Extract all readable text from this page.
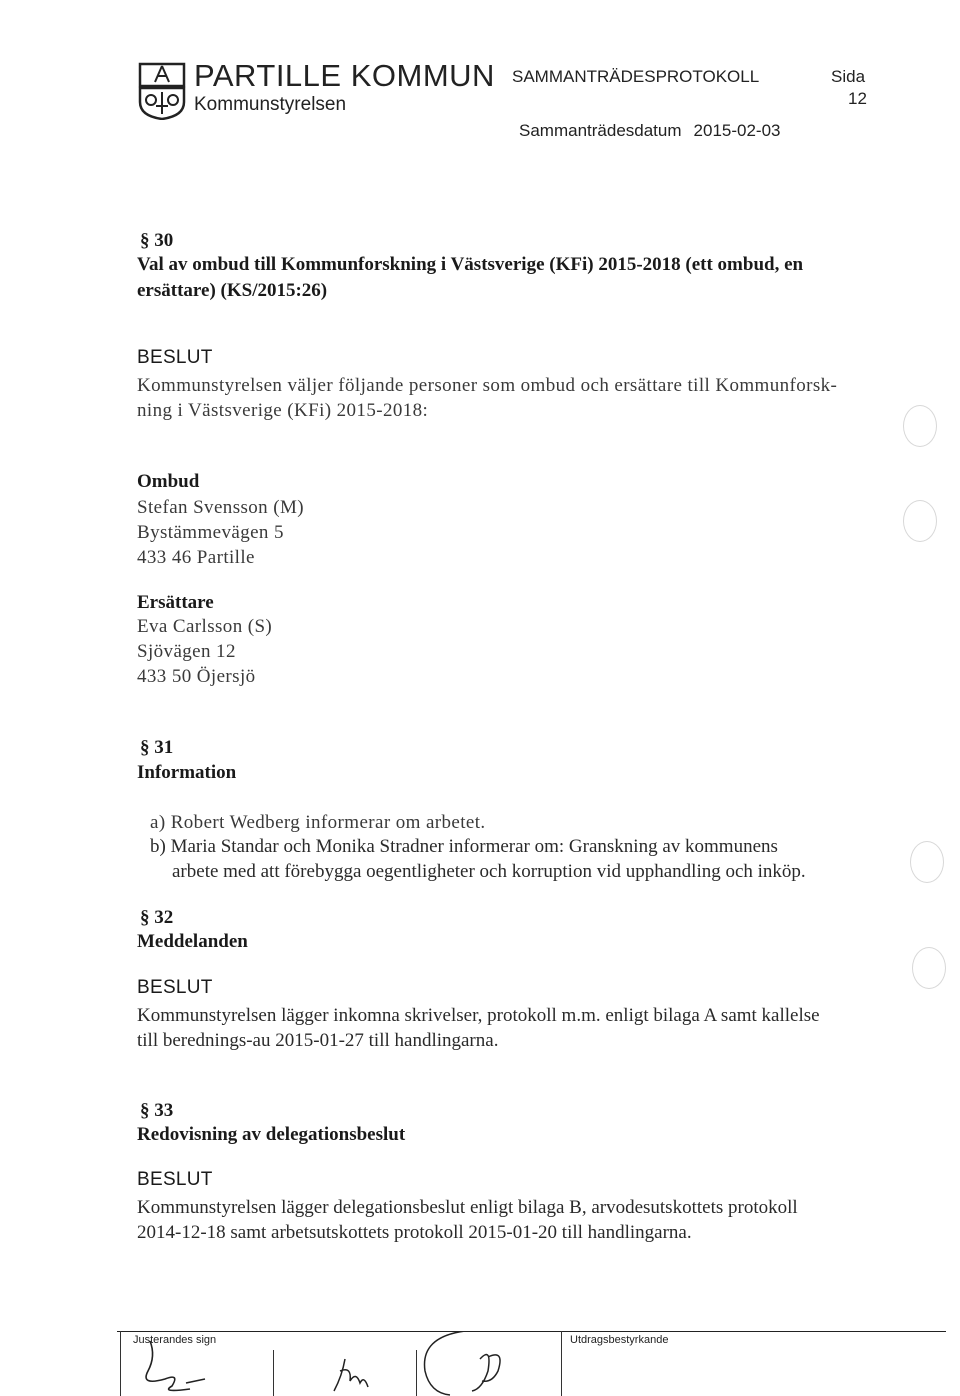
PARTILLE KOMMUN
Kommunstyrelsen
SAMMANTRÄDESPROTOKOLL	Sida
12
Sammanträdesdatum 2015-02-03
§ 30
Val av ombud till Kommunforskning i Västsverige (KFi) 2015-2018 (ett ombud, en
ersättare) (KS/2015:26)
BESLUT
Kommunstyrelsen väljer följande personer som ombud och ersättare till Kommunforsk-
ning i Västsverige (KFi) 2015-2018:
Ombud
Stefan Svensson (M)
Bystämmevägen 5
433 46 Partille
Ersättare
Eva Carlsson (S)
Sjövägen 12
433 50 Öjersjö
§ 31
Information
a) Robert Wedberg informerar om arbetet.
b) Maria Standar och Monika Stradner informerar om: Granskning av kommunens
arbete med att förebygga oegentligheter och korruption vid upphandling och inköp.
§ 32
Meddelanden
BESLUT
Kommunstyrelsen lägger inkomna skrivelser, protokoll m.m. enligt bilaga A samt kallelse
till berednings-au 2015-01-27 till handlingarna.
§ 33
Redovisning av delegationsbeslut
BESLUT
Kommunstyrelsen lägger delegationsbeslut enligt bilaga B, arvodesutskottets protokoll
2014-12-18 samt arbetsutskottets protokoll 2015-01-20 till handlingarna.
Justerandes sign	Utdragsbestyrkande
